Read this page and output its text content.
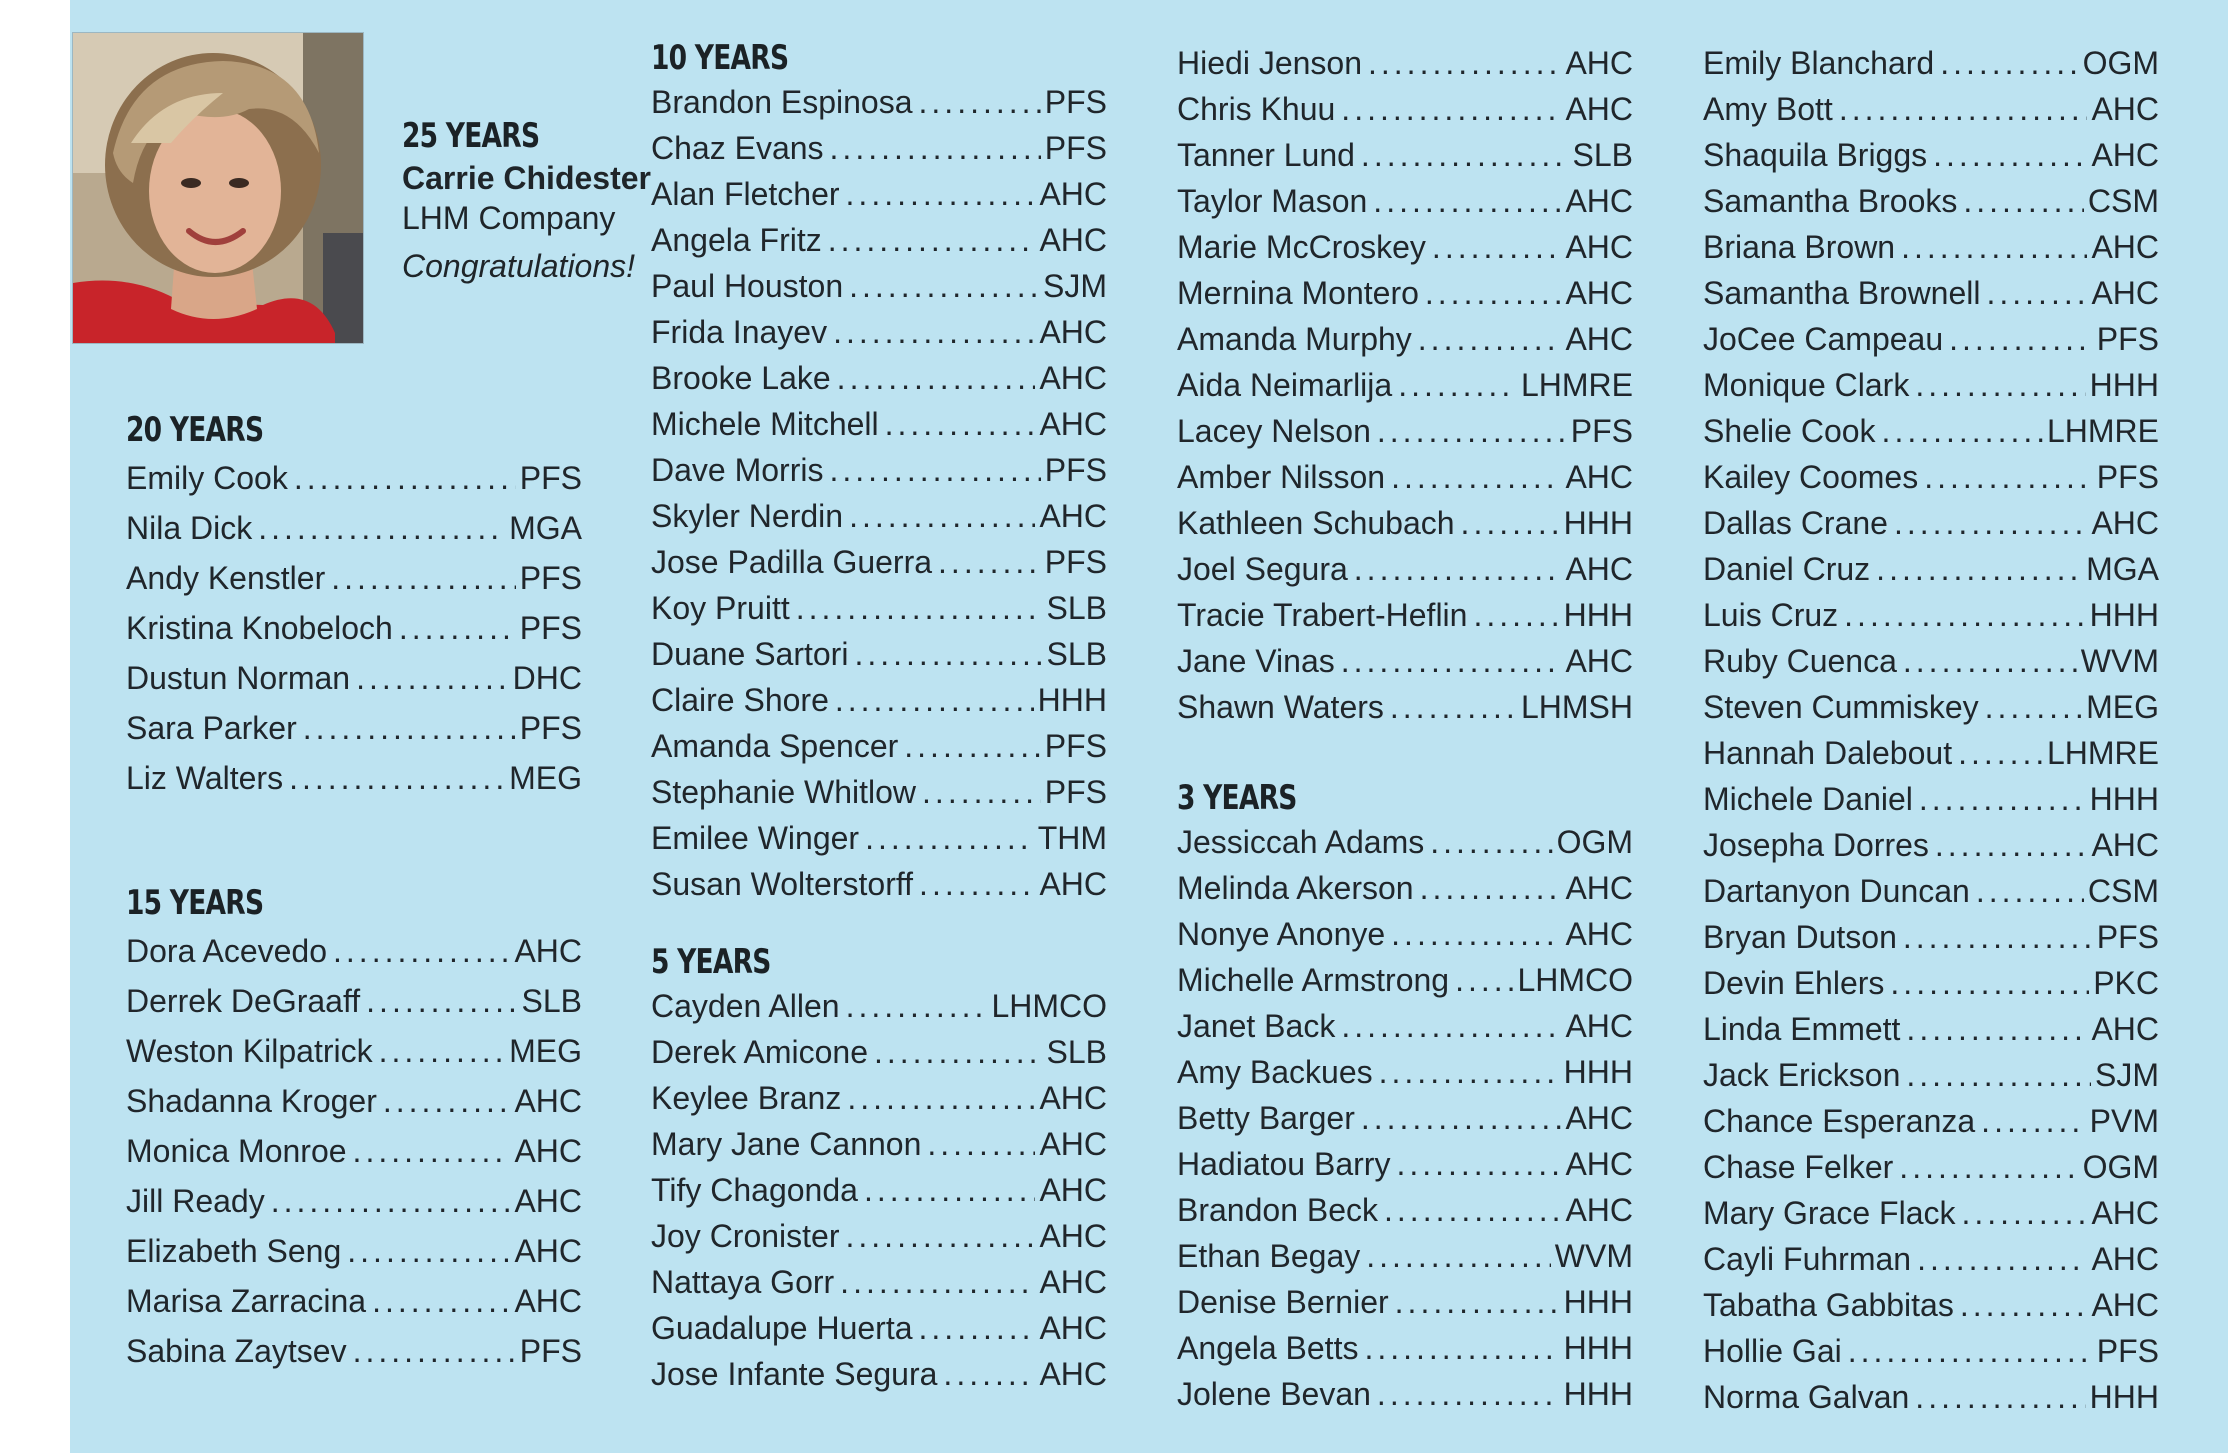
25 YEARS
Carrie Chidester
LHM Company
Congratulations!
20 YEARS
Emily Cook .....	PFS
Nila Dick .....	MGA
Andy Kenstler .....	PFS
Kristina Knobeloch .....	PFS
Dustun Norman .....	DHC
Sara Parker .....	PFS
Liz Walters .....	MEG
15 YEARS
Dora Acevedo .....	AHC
Derrek DeGraaff .....	SLB
Weston Kilpatrick .....	MEG
Shadanna Kroger .....	AHC
Monica Monroe .....	AHC
Jill Ready .....	AHC
Elizabeth Seng .....	AHC
Marisa Zarracina .....	AHC
Sabina Zaytsev .....	PFS
10 YEARS
Brandon Espinosa .....	PFS
Chaz Evans .....	PFS
Alan Fletcher .....	AHC
Angela Fritz .....	AHC
Paul Houston .....	SJM
Frida Inayev .....	AHC
Brooke Lake .....	AHC
Michele Mitchell .....	AHC
Dave Morris .....	PFS
Skyler Nerdin .....	AHC
Jose Padilla Guerra .....	PFS
Koy Pruitt .....	SLB
Duane Sartori .....	SLB
Claire Shore .....	HHH
Amanda Spencer .....	PFS
Stephanie Whitlow .....	PFS
Emilee Winger .....	THM
Susan Wolterstorff .....	AHC
5 YEARS
Cayden Allen .....	LHMCO
Derek Amicone .....	SLB
Keylee Branz .....	AHC
Mary Jane Cannon .....	AHC
Tify Chagonda .....	AHC
Joy Cronister .....	AHC
Nattaya Gorr .....	AHC
Guadalupe Huerta .....	AHC
Jose Infante Segura .....	AHC
Hiedi Jenson .....	AHC
Chris Khuu .....	AHC
Tanner Lund .....	SLB
Taylor Mason .....	AHC
Marie McCroskey .....	AHC
Mernina Montero .....	AHC
Amanda Murphy .....	AHC
Aida Neimarlija .....	LHMRE
Lacey Nelson .....	PFS
Amber Nilsson .....	AHC
Kathleen Schubach .....	HHH
Joel Segura .....	AHC
Tracie Trabert-Heflin .....	HHH
Jane Vinas .....	AHC
Shawn Waters .....	LHMSH
3 YEARS
Jessiccah Adams .....	OGM
Melinda Akerson .....	AHC
Nonye Anonye .....	AHC
Michelle Armstrong ..... LHMCO
Janet Back .....	AHC
Amy Backues .....	HHH
Betty Barger .....	AHC
Hadiatou Barry .....	AHC
Brandon Beck .....	AHC
Ethan Begay .....	WVM
Denise Bernier .....	HHH
Angela Betts .....	HHH
Jolene Bevan .....	HHH
Emily Blanchard .....	OGM
Amy Bott .....	AHC
Shaquila Briggs .....	AHC
Samantha Brooks .....	CSM
Briana Brown .....	AHC
Samantha Brownell .....	AHC
JoCee Campeau .....	PFS
Monique Clark .....	HHH
Shelie Cook .....	LHMRE
Kailey Coomes .....	PFS
Dallas Crane .....	AHC
Daniel Cruz .....	MGA
Luis Cruz .....	HHH
Ruby Cuenca .....	WVM
Steven Cummiskey .....	MEG
Hannah Dalebout .....	LHMRE
Michele Daniel .....	HHH
Josepha Dorres .....	AHC
Dartanyon Duncan .....	CSM
Bryan Dutson .....	PFS
Devin Ehlers .....	PKC
Linda Emmett .....	AHC
Jack Erickson .....	SJM
Chance Esperanza .....	PVM
Chase Felker .....	OGM
Mary Grace Flack .....	AHC
Cayli Fuhrman .....	AHC
Tabatha Gabbitas .....	AHC
Hollie Gai .....	PFS
Norma Galvan .....	HHH
